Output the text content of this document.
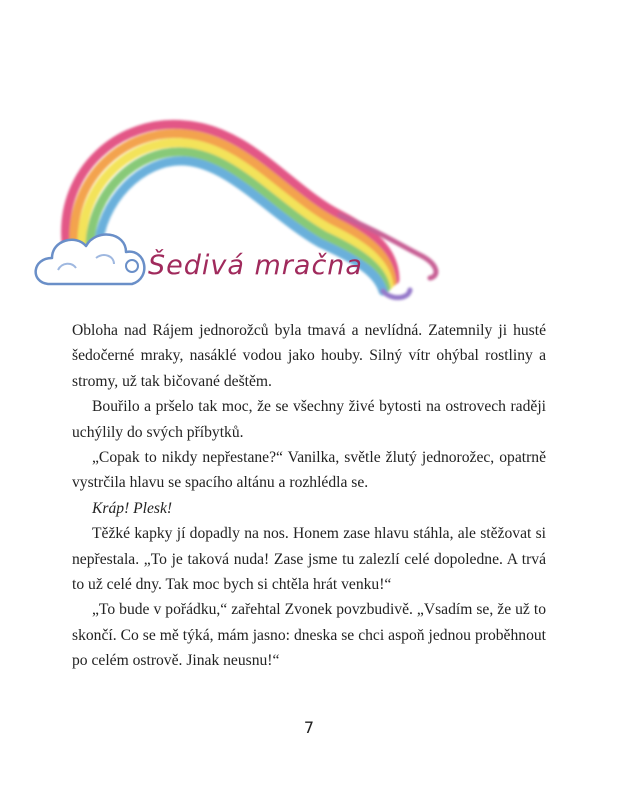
Šedivá mračna

Obloha nad Rájem jednorožců byla tmavá a nevlídná. Zatemnily ji husté šedočerné mraky, nasáklé vodou jako houby. Silný vítr ohýbal rostliny a stromy, už tak bičované deštěm.

Bouřilo a pršelo tak moc, že se všechny živé bytosti na ostrovech raději uchýlily do svých příbytků.

„Copak to nikdy nepřestane?“ Vanilka, světle žlutý jednorožec, opatrně vystrčila hlavu se spacího altánu a rozhlédla se.

Kráp! Plesk!

Těžké kapky jí dopadly na nos. Honem zase hlavu stáhla, ale stěžovat si nepřestala. „To je taková nuda! Zase jsme tu zalezlí celé dopoledne. A trvá to už celé dny. Tak moc bych si chtěla hrát venku!“

„To bude v pořádku,“ zařehtal Zvonek povzbudivě. „Vsadím se, že už to skončí. Co se mě týká, mám jasno: dneska se chci aspoň jednou proběhnout po celém ostrově. Jinak neusnu!“

7
